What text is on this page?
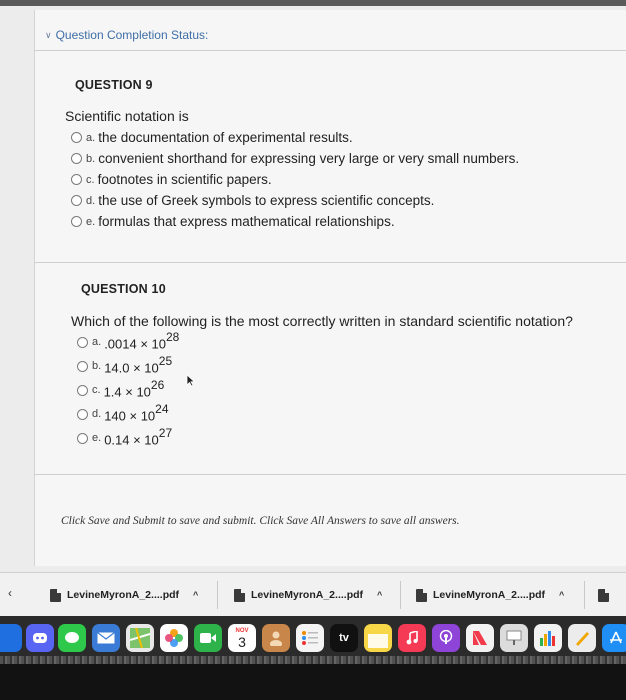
∨ Question Completion Status:
QUESTION 9
Scientific notation is
a. the documentation of experimental results.
b. convenient shorthand for expressing very large or very small numbers.
c. footnotes in scientific papers.
d. the use of Greek symbols to express scientific concepts.
e. formulas that express mathematical relationships.
QUESTION 10
Which of the following is the most correctly written in standard scientific notation?
a. $.0014 \times 10^{28}$
b. $14.0 \times 10^{25}$
c. $1.4 \times 10^{26}$
d. $140 \times 10^{24}$
e. $0.14 \times 10^{27}$
Click Save and Submit to save and submit. Click Save All Answers to save all answers.
‹	LevineMyronA_2....pdf ^	LevineMyronA_2....pdf ^	LevineMyronA_2....pdf ^
NOV
3	tv
